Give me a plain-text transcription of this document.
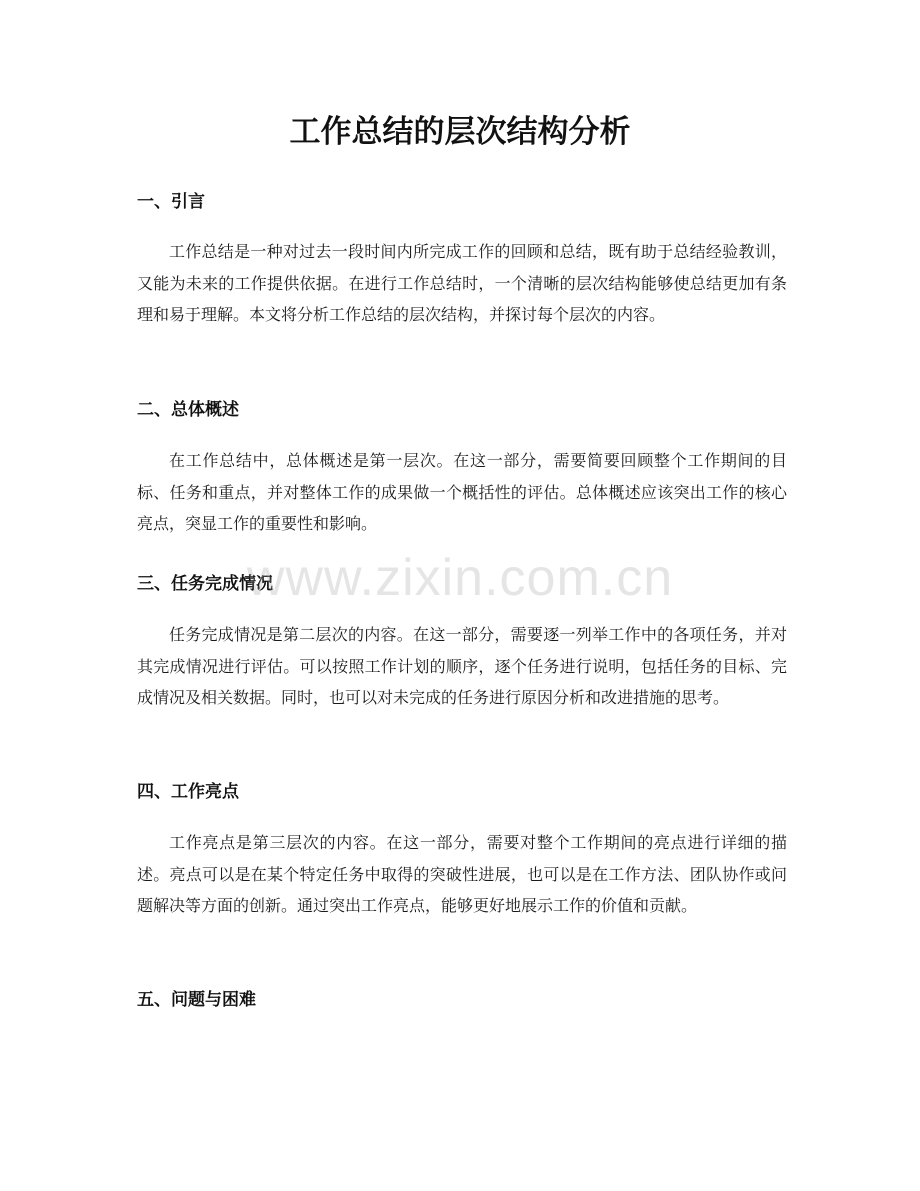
工作总结的层次结构分析
一、引言

工作总结是一种对过去一段时间内所完成工作的回顾和总结，既有助于总结经验教训，又能为未来的工作提供依据。在进行工作总结时，一个清晰的层次结构能够使总结更加有条理和易于理解。本文将分析工作总结的层次结构，并探讨每个层次的内容。

二、总体概述

在工作总结中，总体概述是第一层次。在这一部分，需要简要回顾整个工作期间的目标、任务和重点，并对整体工作的成果做一个概括性的评估。总体概述应该突出工作的核心亮点，突显工作的重要性和影响。

三、任务完成情况

任务完成情况是第二层次的内容。在这一部分，需要逐一列举工作中的各项任务，并对其完成情况进行评估。可以按照工作计划的顺序，逐个任务进行说明，包括任务的目标、完成情况及相关数据。同时，也可以对未完成的任务进行原因分析和改进措施的思考。

四、工作亮点

工作亮点是第三层次的内容。在这一部分，需要对整个工作期间的亮点进行详细的描述。亮点可以是在某个特定任务中取得的突破性进展，也可以是在工作方法、团队协作或问题解决等方面的创新。通过突出工作亮点，能够更好地展示工作的价值和贡献。

五、问题与困难
www.zixin.com.cn
